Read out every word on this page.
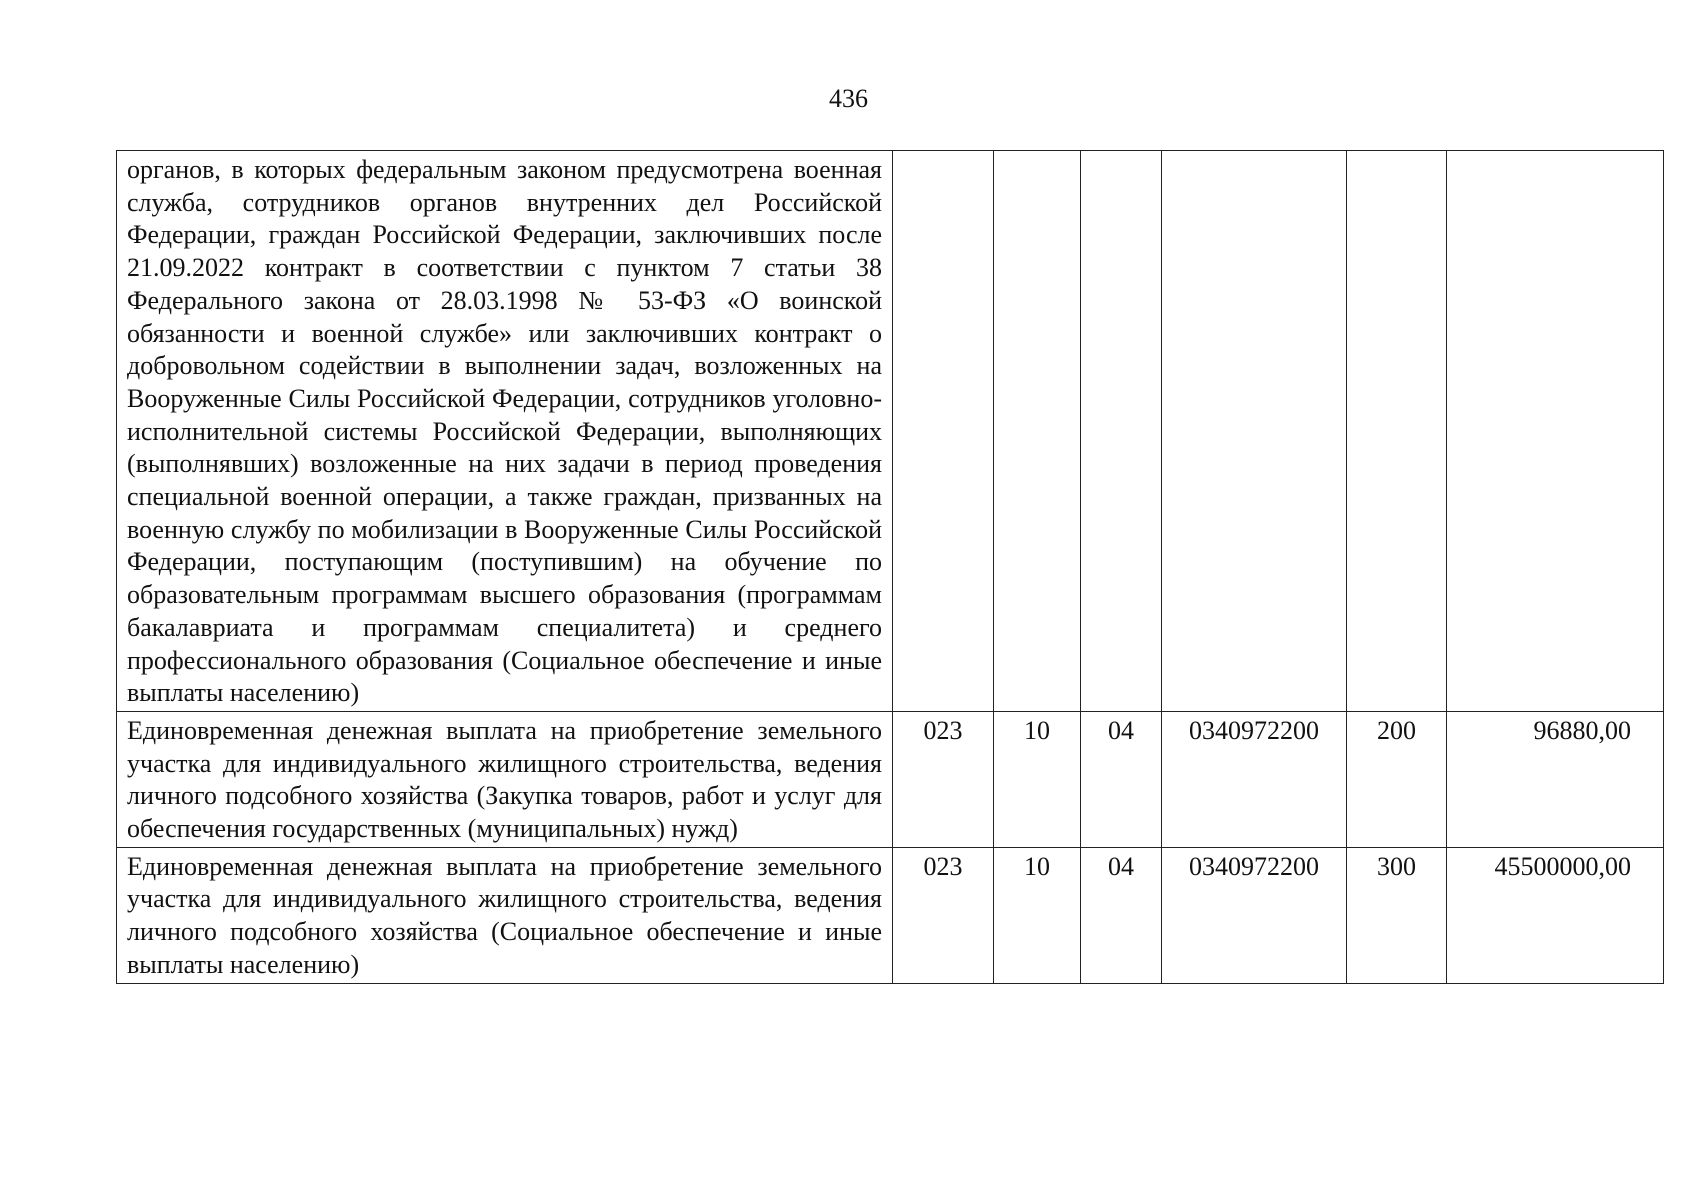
436
органов, в которых федеральным законом предусмотрена военная служба, сотрудников органов внутренних дел Российской Федерации, граждан Российской Федерации, заключивших после 21.09.2022 контракт в соответствии с пунктом 7 статьи 38 Федерального закона от 28.03.1998 № 53-ФЗ «О воинской обязанности и военной службе» или заключивших контракт о добровольном содействии в выполнении задач, возложенных на Вооруженные Силы Российской Федерации, сотрудников уголовно-исполнительной системы Российской Федерации, выполняющих (выполнявших) возложенные на них задачи в период проведения специальной военной операции, а также граждан, призванных на военную службу по мобилизации в Вооруженные Силы Российской Федерации, поступающим (поступившим) на обучение по образовательным программам высшего образования (программам бакалавриата и программам специалитета) и среднего профессионального образования (Социальное обеспечение и иные выплаты населению)						

Единовременная денежная выплата на приобретение земельного участка для индивидуального жилищного строительства, ведения личного подсобного хозяйства (Закупка товаров, работ и услуг для обеспечения государственных (муниципальных) нужд)	023	10	04	0340972200	200	96880,00

Единовременная денежная выплата на приобретение земельного участка для индивидуального жилищного строительства, ведения личного подсобного хозяйства (Социальное обеспечение и иные выплаты населению)	023	10	04	0340972200	300	45500000,00
